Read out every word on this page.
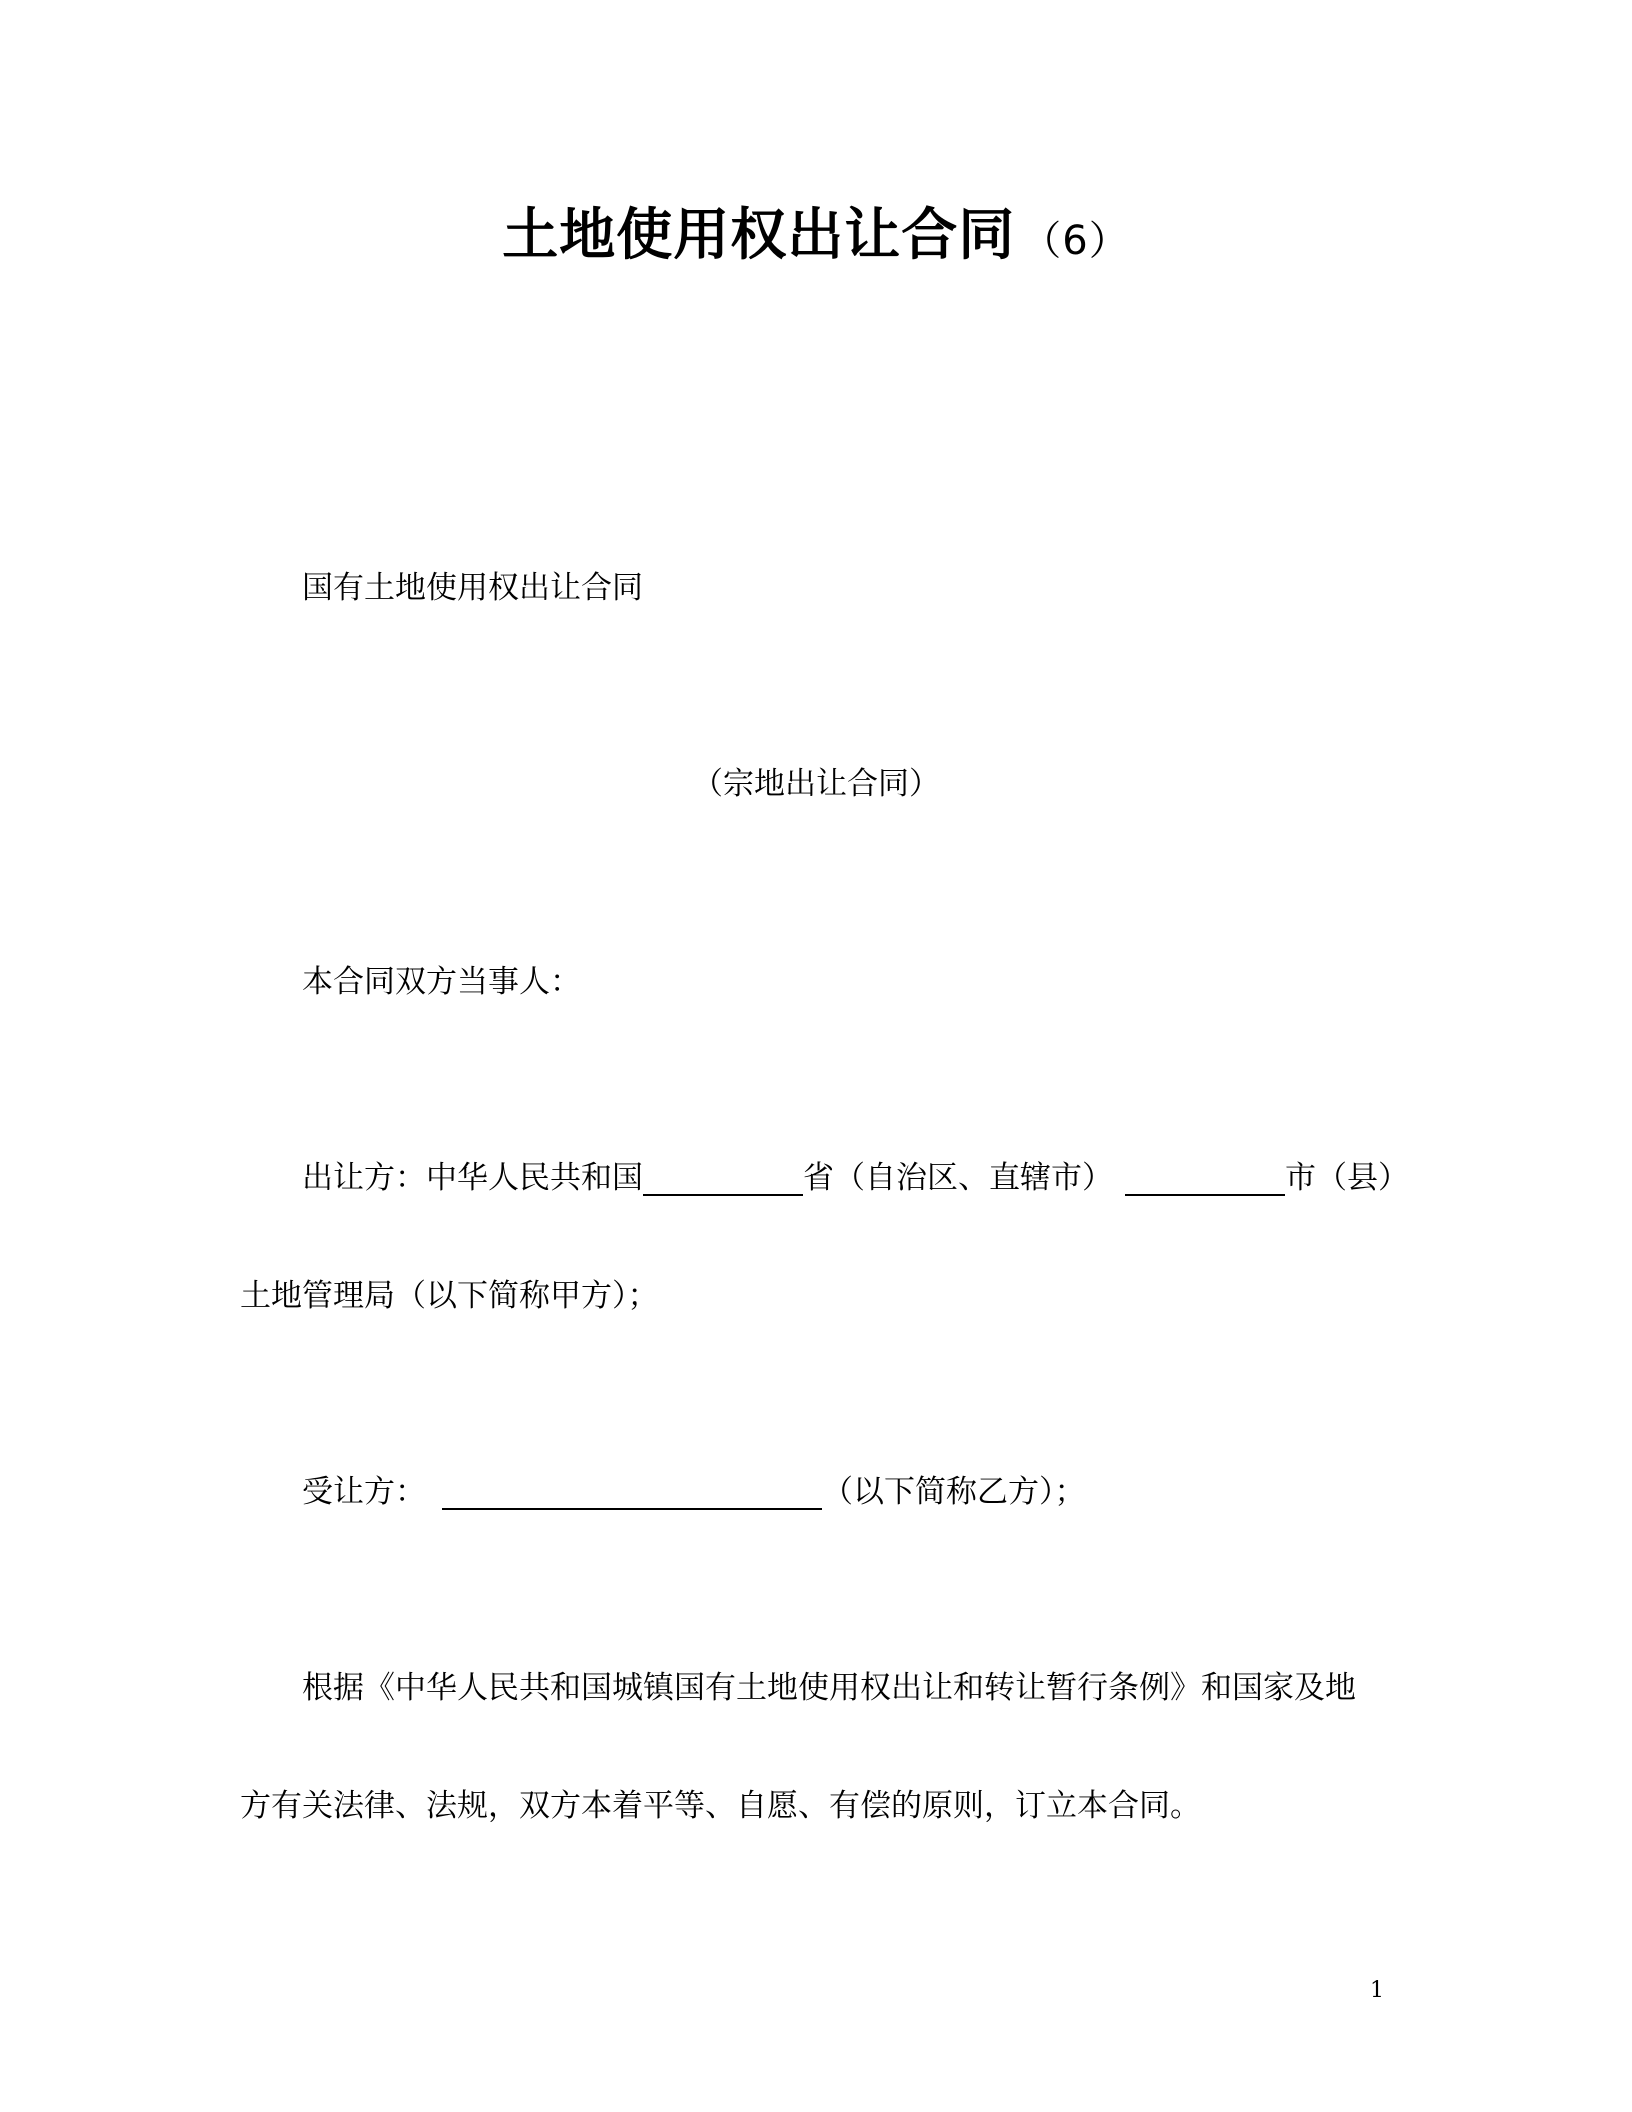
土地使用权出让合同 （6）
国有土地使用权出让合同
（宗地出让合同）
本合同双方当事人：
出让方：中华人民共和国	省（自治区、直辖市）	市（县）
土地管理局（以下简称甲方）；
受让方：	（以下简称乙方）；
根据《中华人民共和国城镇国有土地使用权出让和转让暂行条例》和国家及地
方有关法律、法规，双方本着平等、自愿、有偿的原则，订立本合同。
1
